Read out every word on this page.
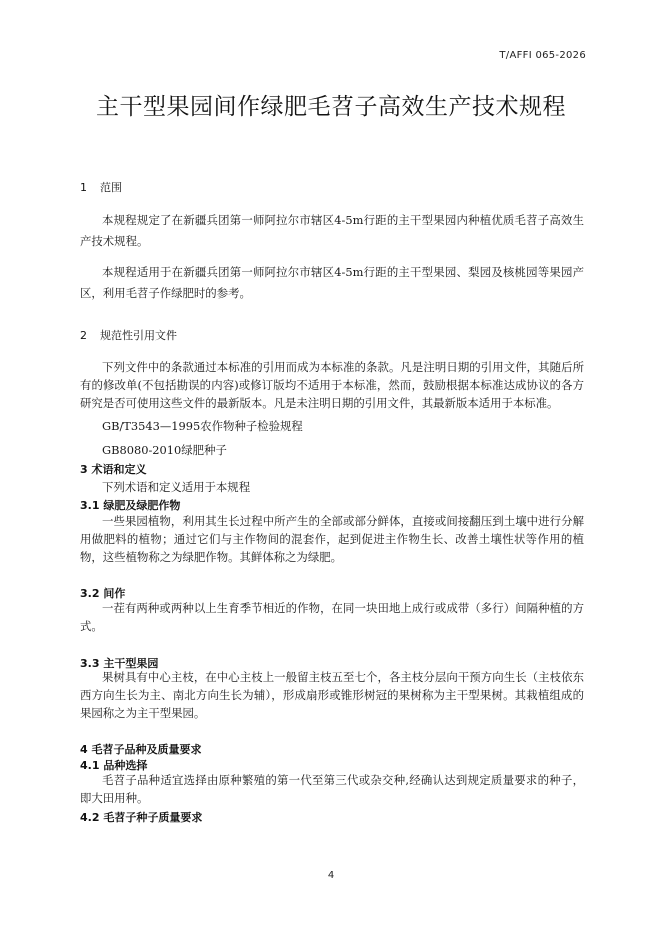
T/AFFI 065-2026
主干型果园间作绿肥毛苕子高效生产技术规程
1 范围
本规程规定了在新疆兵团第一师阿拉尔市辖区4-5m行距的主干型果园内种植优质毛苕子高效生产技术规程。
本规程适用于在新疆兵团第一师阿拉尔市辖区4-5m行距的主干型果园、梨园及核桃园等果园产区，利用毛苕子作绿肥时的参考。
2 规范性引用文件
下列文件中的条款通过本标准的引用而成为本标准的条款。凡是注明日期的引用文件，其随后所有的修改单(不包括勘误的内容)或修订版均不适用于本标准，然而，鼓励根据本标准达成协议的各方研究是否可使用这些文件的最新版本。凡是未注明日期的引用文件，其最新版本适用于本标准。
GB/T3543—1995农作物种子检验规程
GB8080-2010绿肥种子
3 术语和定义
下列术语和定义适用于本规程
3.1 绿肥及绿肥作物
一些果园植物，利用其生长过程中所产生的全部或部分鲜体，直接或间接翻压到土壤中进行分解用做肥料的植物；通过它们与主作物间的混套作，起到促进主作物生长、改善土壤性状等作用的植物，这些植物称之为绿肥作物。其鲜体称之为绿肥。
3.2 间作
一茬有两种或两种以上生育季节相近的作物，在同一块田地上成行或成带（多行）间隔种植的方式。
3.3 主干型果园
果树具有中心主枝，在中心主枝上一般留主枝五至七个，各主枝分层向干预方向生长（主枝依东西方向生长为主、南北方向生长为辅），形成扇形或锥形树冠的果树称为主干型果树。其栽植组成的果园称之为主干型果园。
4 毛苕子品种及质量要求
4.1 品种选择
毛苕子品种适宜选择由原种繁殖的第一代至第三代或杂交种,经确认达到规定质量要求的种子，即大田用种。
4.2 毛苕子种子质量要求
4
